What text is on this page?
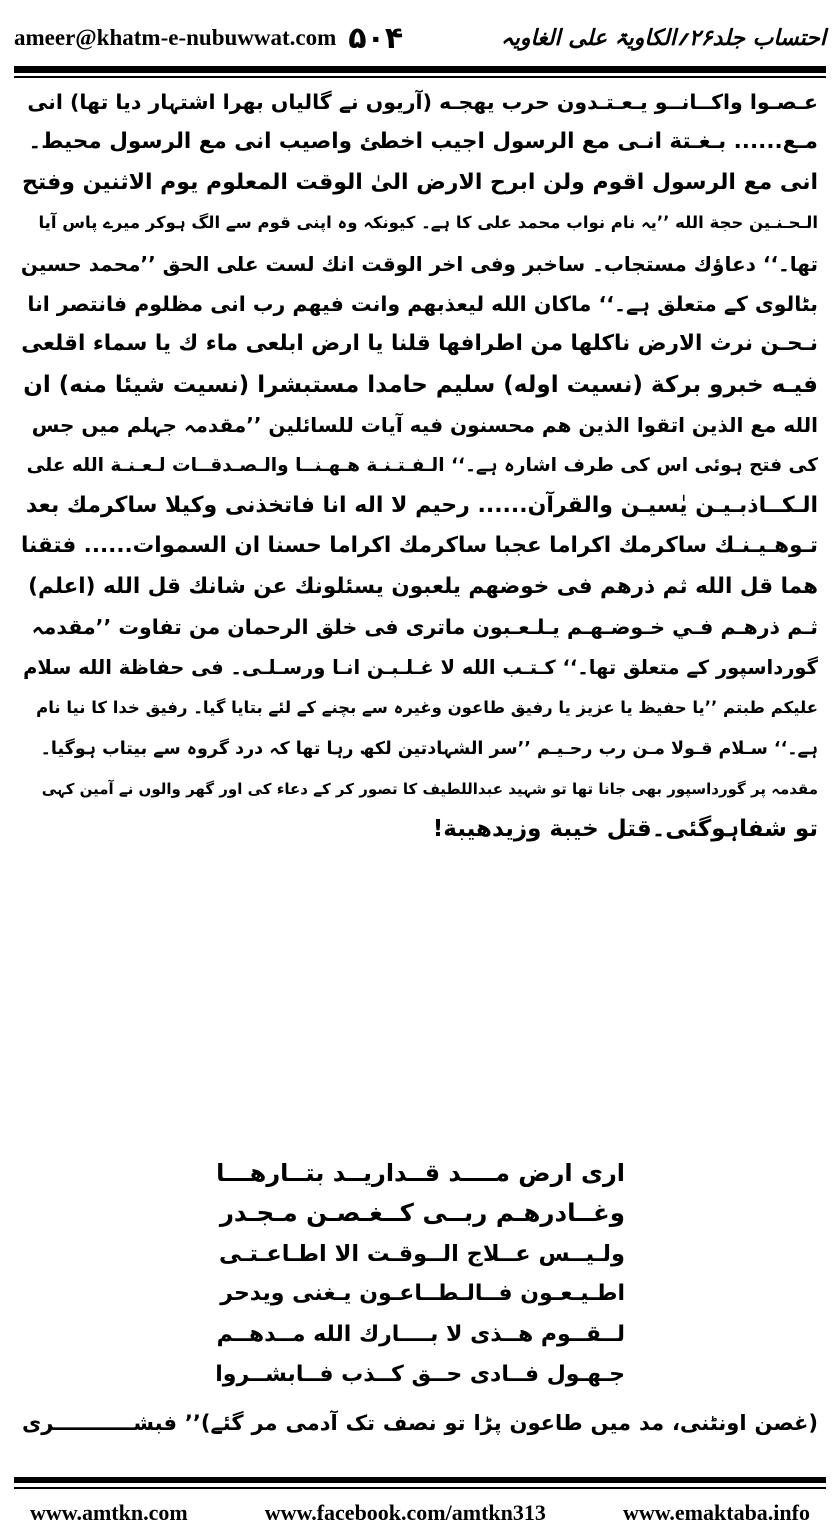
ameer@khatm-e-nubuwwat.com ۵۰۴	احتساب جلد۲۶؍الکاویۃ علی الغاویہ

عـصـوا واکــانــو يـعـتـدون حرب يهجـه (آریوں نے گالیاں بھرا اشتہار دیا تھا) انی

مـع...... بـغـتة انـی مع الرسول اجيب اخطئ واصيب انی مع الرسول محيط۔

انی مع الرسول اقوم ولن ابرح الارض الیٰ الوقت المعلوم يوم الاثنين وفتح

الـحـنـين حجة الله ’’یہ نام نواب محمد علی کا ہے۔ کیونکہ وہ اپنی قوم سے الگ ہوکر میرے پاس آیا

تھا۔‘‘ دعاؤك مستجاب۔ ساخبر وفی اخر الوقت انك لست علی الحق ’’محمد حسین

بٹالوی کے متعلق ہے۔‘‘ ماکان الله ليعذبهم وانت فيهم رب انی مظلوم فانتصر انا

نـحـن نرث الارض ناكلها من اطرافها قلنا يا ارض ابلعی ماء ك يا سماء اقلعی

فيـه خبرو بركة (نسيت اوله) سليم حامدا مستبشرا (نسيت شيئا منه) ان

الله مع الذين اتقوا الذين هم محسنون فيه آيات للسائلين ’’مقدمہ جہلم میں جس

کی فتح ہوئی اس کی طرف اشارہ ہے۔‘‘ الـفـتـنـة هـهـنــا والـصـدقــات لـعـنـة الله علی

الـكــاذبـيـن يٰسيـن والقرآن...... رحيم لا اله انا فاتخذنی وكيلا ساكرمك بعد

تـوهـيـنـك ساكرمك اكراما عجبا ساكرمك اكراما حسنا ان السموات...... فتقنا

هما قل الله ثم ذرهم فی خوضهم يلعبون يسئلونك عن شانك قل الله (اعلم)

ثـم ذرهـم فـي خـوضـهـم يـلـعـبون ماتری فی خلق الرحمان من تفاوت ’’مقدمہ

گورداسپور کے متعلق تھا۔‘‘ كـتـب الله لا غـلـبـن انـا ورسـلـی۔ فی حفاظة الله سلام

عليكم طبتم ’’یا حفیظ یا عزیز یا رفیق طاعون وغیرہ سے بچنے کے لئے بتایا گیا۔ رفیق خدا کا نیا نام

ہے۔‘‘ سـلام قـولا مـن رب رحـيـم ’’سر الشہادتین لکھ رہا تھا کہ درد گروہ سے بیتاب ہوگیا۔

مقدمہ پر گورداسپور بھی جانا تھا تو شہید عبداللطیف کا تصور کر کے دعاء کی اور گھر والوں نے آمین کہی

تو شفاہوگئی۔قتل خيبة وزيدهيبة!

اری ارض مــــد قــداريــد بتــارهـــا
وغــادرهـم ربــی كــغـصـن مـجـدر
ولـيــس عــلاج الــوقـت الا اطـاعـتـی
اطـيـعـون فــالـطــاعـون يـغنی ويدحر
لــقــوم هــذی لا بــــارك الله مــدهــم
جـهـول فــادی حــق كــذب فــابشــروا
(غصن اونٹنی، مد میں طاعون پڑا تو نصف تک آدمی مر گئے)’’ فبشـــــــــــری
www.amtkn.com	www.facebook.com/amtkn313	www.emaktaba.info
